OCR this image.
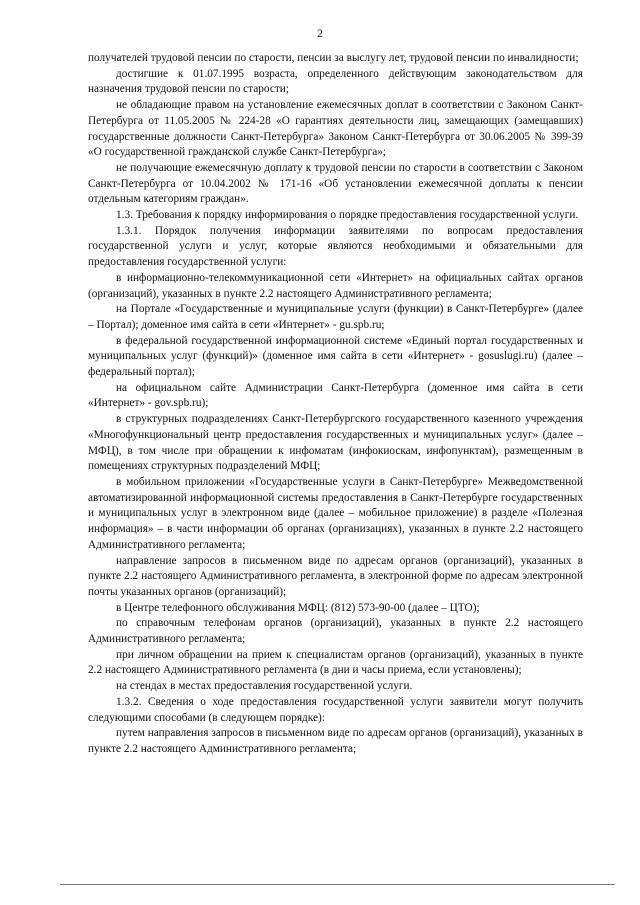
2

получателей трудовой пенсии по старости, пенсии за выслугу лет, трудовой пенсии по инвалидности;

достигшие к 01.07.1995 возраста, определенного действующим законодательством для назначения трудовой пенсии по старости;

не обладающие правом на установление ежемесячных доплат в соответствии с Законом Санкт-Петербурга от 11.05.2005 № 224-28 «О гарантиях деятельности лиц, замещающих (замещавших) государственные должности Санкт-Петербурга» Законом Санкт-Петербурга от 30.06.2005 № 399-39 «О государственной гражданской службе Санкт-Петербурга»;

не получающие ежемесячную доплату к трудовой пенсии по старости в соответствии с Законом Санкт-Петербурга от 10.04.2002 № 171-16 «Об установлении ежемесячной доплаты к пенсии отдельным категориям граждан».

1.3. Требования к порядку информирования о порядке предоставления государственной услуги.

1.3.1. Порядок получения информации заявителями по вопросам предоставления государственной услуги и услуг, которые являются необходимыми и обязательными для предоставления государственной услуги:

в информационно-телекоммуникационной сети «Интернет» на официальных сайтах органов (организаций), указанных в пункте 2.2 настоящего Административного регламента;

на Портале «Государственные и муниципальные услуги (функции) в Санкт-Петербурге» (далее – Портал); доменное имя сайта в сети «Интернет» - gu.spb.ru;

в федеральной государственной информационной системе «Единый портал государственных и муниципальных услуг (функций)» (доменное имя сайта в сети «Интернет» - gosuslugi.ru) (далее – федеральный портал);

на официальном сайте Администрации Санкт-Петербурга (доменное имя сайта в сети «Интернет» - gov.spb.ru);

в структурных подразделениях Санкт-Петербургского государственного казенного учреждения «Многофункциональный центр предоставления государственных и муниципальных услуг» (далее – МФЦ), в том числе при обращении к инфоматам (инфокиоскам, инфопунктам), размещенным в помещениях структурных подразделений МФЦ;

в мобильном приложении «Государственные услуги в Санкт-Петербурге» Межведомственной автоматизированной информационной системы предоставления в Санкт-Петербурге государственных и муниципальных услуг в электронном виде (далее – мобильное приложение) в разделе «Полезная информация» – в части информации об органах (организациях), указанных в пункте 2.2 настоящего Административного регламента;

направление запросов в письменном виде по адресам органов (организаций), указанных в пункте 2.2 настоящего Административного регламента, в электронной форме по адресам электронной почты указанных органов (организаций);

в Центре телефонного обслуживания МФЦ: (812) 573-90-00 (далее – ЦТО);

по справочным телефонам органов (организаций), указанных в пункте 2.2 настоящего Административного регламента;

при личном обращении на прием к специалистам органов (организаций), указанных в пункте 2.2 настоящего Административного регламента (в дни и часы приема, если установлены);

на стендах в местах предоставления государственной услуги.

1.3.2. Сведения о ходе предоставления государственной услуги заявители могут получить следующими способами (в следующем порядке):

путем направления запросов в письменном виде по адресам органов (организаций), указанных в пункте 2.2 настоящего Административного регламента;
